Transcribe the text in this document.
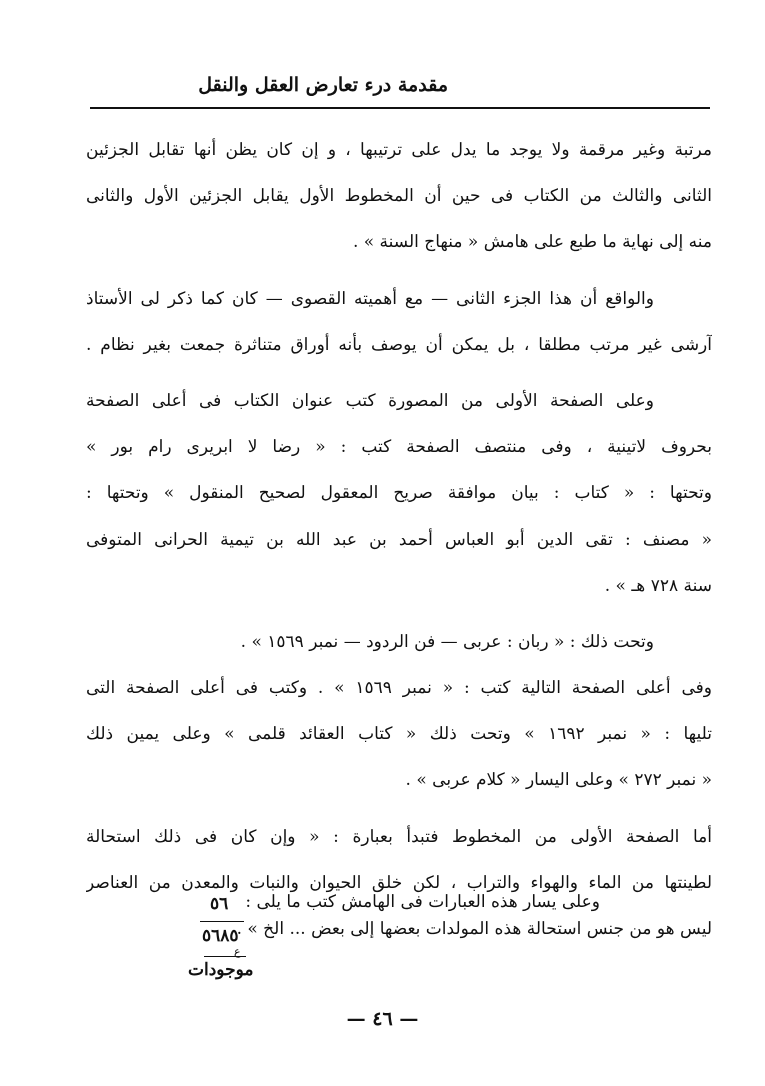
مقدمة درء تعارض العقل والنقل
مرتبة وغير مرقمة ولا يوجد ما يدل على ترتيبها ، و إن كان يظن أنها تقابل الجزئين
الثانى والثالث من الكتاب فى حين أن المخطوط الأول يقابل الجزئين الأول والثانى
منه إلى نهاية ما طبع على هامش « منهاج السنة » .
والواقع أن هذا الجزء الثانى — مع أهميته القصوى — كان كما ذكر لى الأستاذ
آرشى غير مرتب مطلقا ، بل يمكن أن يوصف بأنه أوراق متناثرة جمعت بغير نظام .
وعلى الصفحة الأولى من المصورة كتب عنوان الكتاب فى أعلى الصفحة
بحروف لاتينية ، وفى منتصف الصفحة كتب : « رضا لا ابريرى رام بور »
وتحتها : « كتاب : بيان موافقة صريح المعقول لصحيح المنقول » وتحتها :
« مصنف : تقى الدين أبو العباس أحمد بن عبد الله بن تيمية الحرانى المتوفى
سنة ٧٢٨ هـ » .
وتحت ذلك : « ربان : عربى — فن الردود — نمبر ١٥٦٩ » .
وفى أعلى الصفحة التالية كتب : « نمبر ١٥٦٩ » . وكتب فى أعلى الصفحة التى
تليها : « نمبر ١٦٩٢ » وتحت ذلك « كتاب العقائد قلمى » وعلى يمين ذلك
« نمبر ٢٧٢ » وعلى اليسار « كلام عربى » .
أما الصفحة الأولى من المخطوط فتبدأ بعبارة : « وإن كان فى ذلك استحالة
لطينتها من الماء والهواء والتراب ، لكن خلق الحيوان والنبات والمعدن من العناصر
ليس هو من جنس استحالة هذه المولدات بعضها إلى بعض ... الخ » .
وعلى يسار هذه العبارات فى الهامش كتب ما يلى :
٥٦
٥٦٨٥
ع
موجودات
— ٤٦ —
